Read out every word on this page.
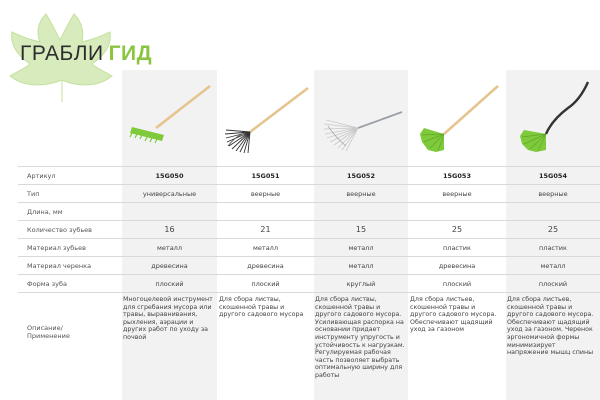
ГРАБЛИ ГИД
Артикул
Тип
Длина, мм
Количество зубьев
Материал зубьев
Материал черенка
Форма зуба
Описание/
Применение
15G050
универсальные
16
металл
древесина
плоский
Многоцелевой инструмент для сгребания мусора или травы, выравнивания, рыхления, аэрации и других работ по уходу за почвой
15G051
веерные
21
металл
древесина
плоский
Для сбора листвы, скошенной травы и другого садового мусора
15G052
веерные
15
металл
металл
круглый
Для сбора листвы, скошенной травы и другого садового мусора. Усиливающая распорка на основании придает инструменту упругость и устойчивость к нагрузкам. Регулируемая рабочая часть позволяет выбрать оптимальную ширину для работы
15G053
веерные
25
пластик
древесина
плоский
Для сбора листьев, скошенной травы и другого садового мусора. Обеспечивают щадящий уход за газоном
15G054
веерные
25
пластик
металл
плоский
Для сбора листьев, скошенной травы и другого садового мусора. Обеспечивают щадящий уход за газоном. Черенок эргономичной формы минимизирует напряжение мышц спины
